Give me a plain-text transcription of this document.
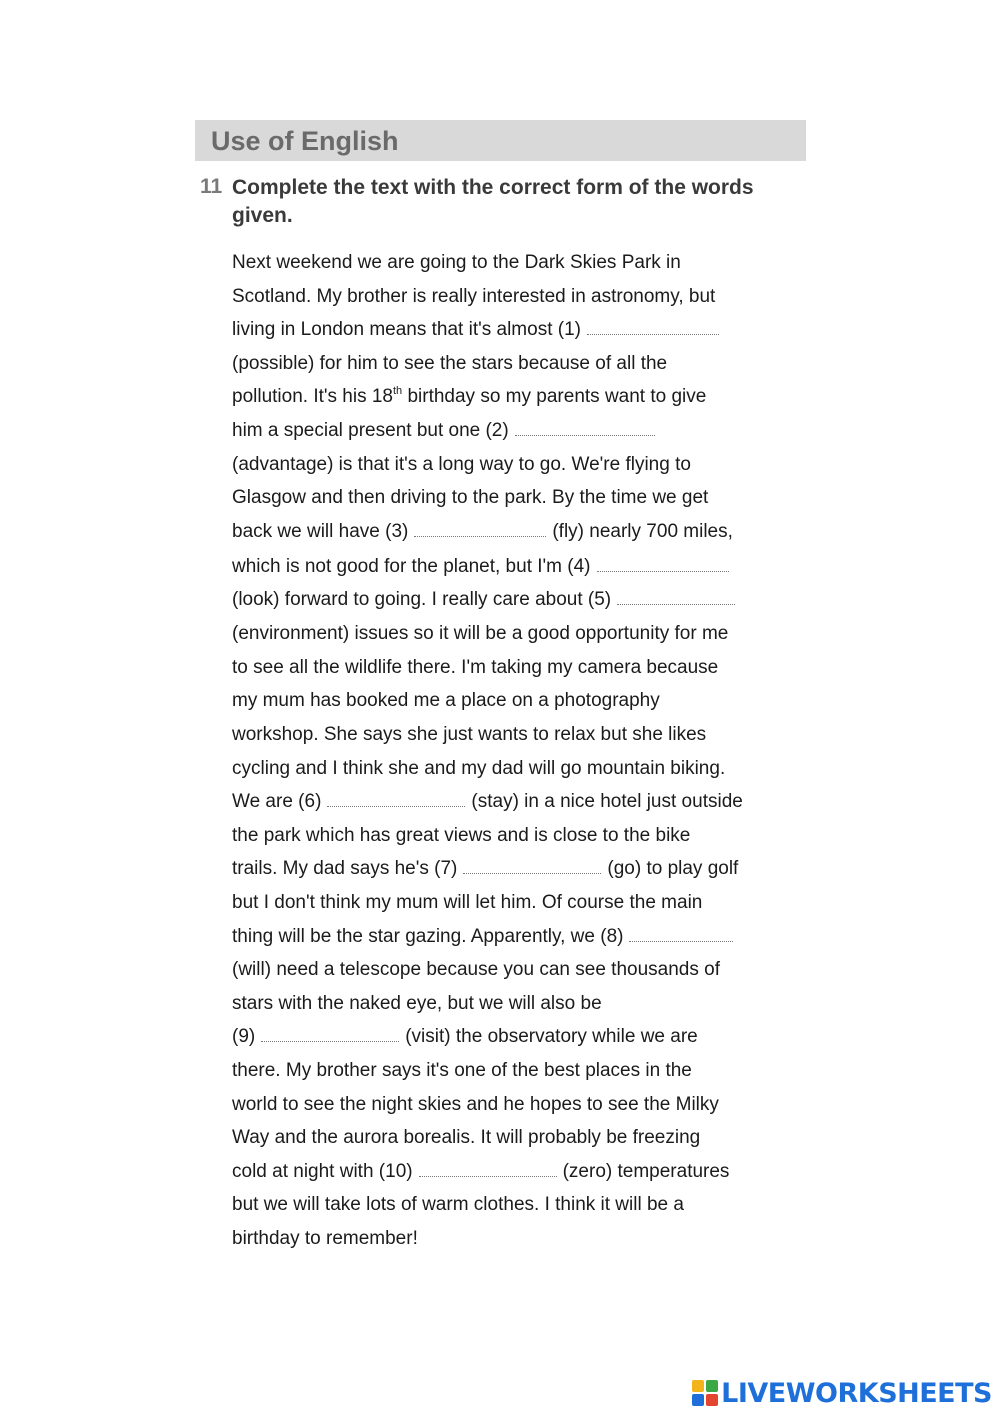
Use of English
11 Complete the text with the correct form of the words given.
Next weekend we are going to the Dark Skies Park in
Scotland. My brother is really interested in astronomy, but
living in London means that it's almost (1)
(possible) for him to see the stars because of all the
pollution. It's his 18th birthday so my parents want to give
him a special present but one (2)
(advantage) is that it's a long way to go. We're flying to
Glasgow and then driving to the park. By the time we get
back we will have (3)	(fly) nearly 700 miles,
which is not good for the planet, but I'm (4)
(look) forward to going. I really care about (5)
(environment) issues so it will be a good opportunity for me
to see all the wildlife there. I'm taking my camera because
my mum has booked me a place on a photography
workshop. She says she just wants to relax but she likes
cycling and I think she and my dad will go mountain biking.
We are (6)	(stay) in a nice hotel just outside
the park which has great views and is close to the bike
trails. My dad says he's (7)	(go) to play golf
but I don't think my mum will let him. Of course the main
thing will be the star gazing. Apparently, we (8)
(will) need a telescope because you can see thousands of
stars with the naked eye, but we will also be
(9)	(visit) the observatory while we are
there. My brother says it's one of the best places in the
world to see the night skies and he hopes to see the Milky
Way and the aurora borealis. It will probably be freezing
cold at night with (10)	(zero) temperatures
but we will take lots of warm clothes. I think it will be a
birthday to remember!
LIVEWORKSHEETS
